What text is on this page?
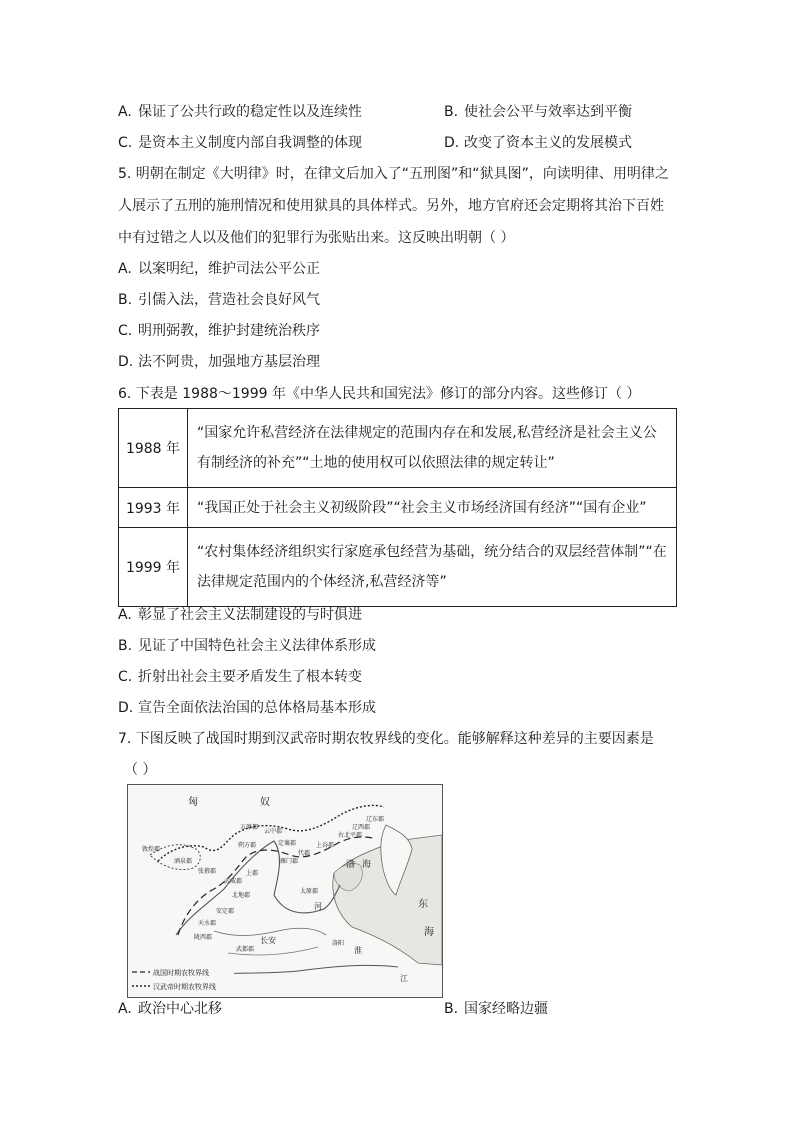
A. 保证了公共行政的稳定性以及连续性	B. 使社会公平与效率达到平衡
C. 是资本主义制度内部自我调整的体现	D. 改变了资本主义的发展模式
5. 明朝在制定《大明律》时，在律文后加入了“五刑图”和“狱具图”，向读明律、用明律之
人展示了五刑的施刑情况和使用狱具的具体样式。另外，地方官府还会定期将其治下百姓
中有过错之人以及他们的犯罪行为张贴出来。这反映出明朝（ ）
A. 以案明纪，维护司法公平公正
B. 引儒入法，营造社会良好风气
C. 明刑弼教，维护封建统治秩序
D. 法不阿贵，加强地方基层治理
6. 下表是 1988～1999 年《中华人民共和国宪法》修订的部分内容。这些修订（ ）
1988 年	“国家允许私营经济在法律规定的范围内存在和发展,私营经济是社会主义公有制经济的补充”“土地的使用权可以依照法律的规定转让”
1993 年	“我国正处于社会主义初级阶段”“社会主义市场经济国有经济”“国有企业”
1999 年	“农村集体经济组织实行家庭承包经营为基础，统分结合的双层经营体制”“在法律规定范围内的个体经济,私营经济等”
A. 彰显了社会主义法制建设的与时俱进
B. 见证了中国特色社会主义法律体系形成
C. 折射出社会主要矛盾发生了根本转变
D. 宣告全面依法治国的总体格局基本形成
7. 下图反映了战国时期到汉武帝时期农牧界线的变化。能够解释这种差异的主要因素是
（ ）
匈	奴
渤 海
东
海
长安	洛阳
辽东郡
辽西郡
右北平郡
上谷郡
代郡
雁门郡
定襄郡
云中郡
五原郡
朔方郡
上郡
北地郡
安定郡
天水郡
武威郡
张掖郡
酒泉郡
敦煌郡
陇西郡
武都郡
太原郡
河
江
淮
战国时期农牧界线
汉武帝时期农牧界线
A. 政治中心北移	B. 国家经略边疆
